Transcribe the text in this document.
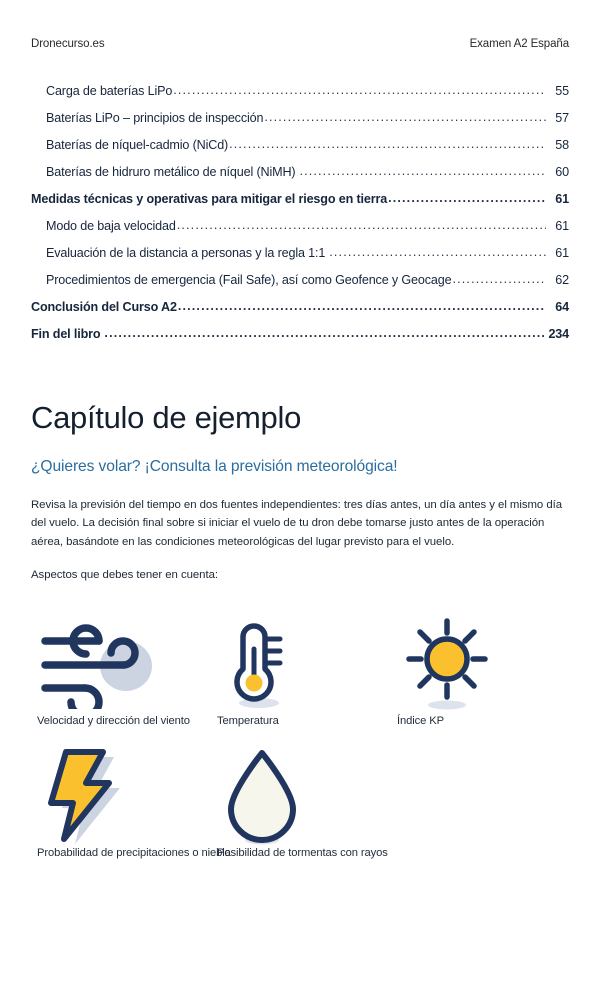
Dronecurso.es	Examen A2 España
Carga de baterías LiPo .....	55
Baterías LiPo – principios de inspección .....	57
Baterías de níquel-cadmio (NiCd) .....	58
Baterías de hidruro metálico de níquel (NiMH) .....	60
Medidas técnicas y operativas para mitigar el riesgo en tierra .....	61
Modo de baja velocidad .....	61
Evaluación de la distancia a personas y la regla 1:1 .....	61
Procedimientos de emergencia (Fail Safe), así como Geofence y Geocage .....	62
Conclusión del Curso A2 .....	64
Fin del libro .....	234
Capítulo de ejemplo

¿Quieres volar? ¡Consulta la previsión meteorológica!

Revisa la previsión del tiempo en dos fuentes independientes: tres días antes, un día antes y el mismo día del vuelo. La decisión final sobre si iniciar el vuelo de tu dron debe tomarse justo antes de la operación aérea, basándote en las condiciones meteorológicas del lugar previsto para el vuelo.

Aspectos que debes tener en cuenta:

Velocidad y dirección del viento	Temperatura	Índice KP
Probabilidad de precipitaciones o niebla
Posibilidad de tormentas con rayos
